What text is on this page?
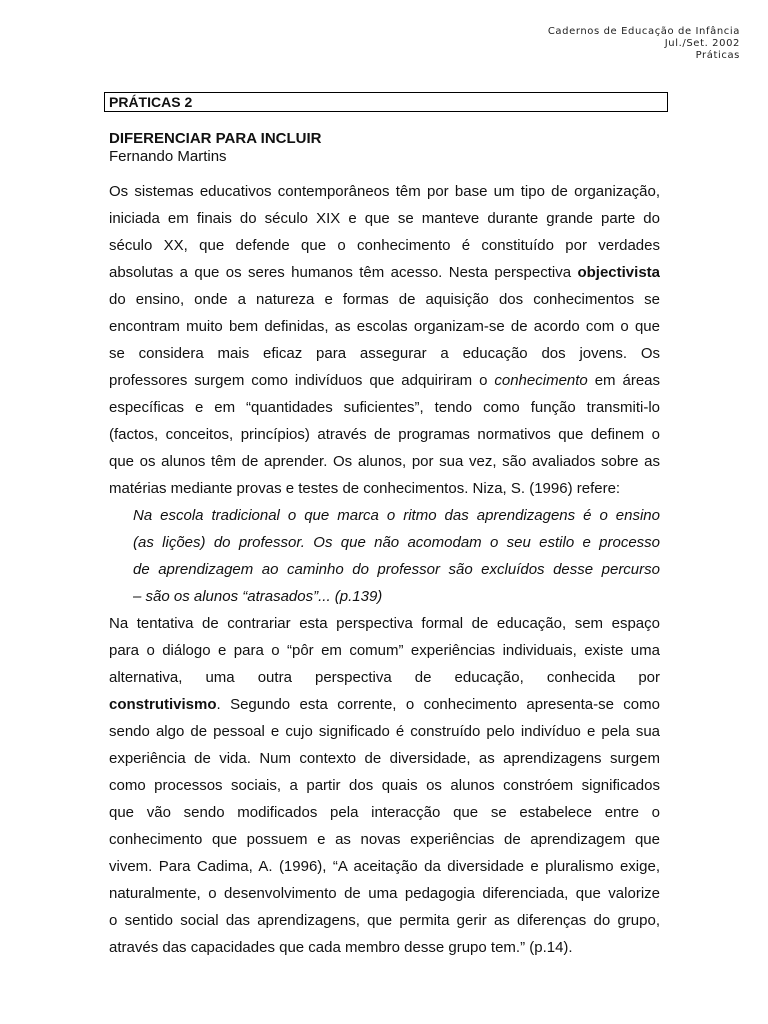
Cadernos de Educação de Infância
Jul./Set. 2002
Práticas
PRÁTICAS 2
DIFERENCIAR PARA INCLUIR
Fernando Martins
Os sistemas educativos contemporâneos têm por base um tipo de organização,
iniciada em finais do século XIX e que se manteve durante grande parte do
século XX, que defende que o conhecimento é constituído por verdades
absolutas a que os seres humanos têm acesso. Nesta perspectiva objectivista
do ensino, onde a natureza e formas de aquisição dos conhecimentos se
encontram muito bem definidas, as escolas organizam-se de acordo com o que
se considera mais eficaz para assegurar a educação dos jovens. Os
professores surgem como indivíduos que adquiriram o conhecimento em áreas
específicas e em “quantidades suficientes”, tendo como função transmiti-lo
(factos, conceitos, princípios) através de programas normativos que definem o
que os alunos têm de aprender. Os alunos, por sua vez, são avaliados sobre as
matérias mediante provas e testes de conhecimentos. Niza, S. (1996) refere:
Na escola tradicional o que marca o ritmo das aprendizagens é o ensino
(as lições) do professor. Os que não acomodam o seu estilo e processo
de aprendizagem ao caminho do professor são excluídos desse percurso
– são os alunos “atrasados”... (p.139)
Na tentativa de contrariar esta perspectiva formal de educação, sem espaço
para o diálogo e para o “pôr em comum” experiências individuais, existe uma
alternativa, uma outra perspectiva de educação, conhecida por
construtivismo. Segundo esta corrente, o conhecimento apresenta-se como
sendo algo de pessoal e cujo significado é construído pelo indivíduo e pela sua
experiência de vida. Num contexto de diversidade, as aprendizagens surgem
como processos sociais, a partir dos quais os alunos constróem significados
que vão sendo modificados pela interacção que se estabelece entre o
conhecimento que possuem e as novas experiências de aprendizagem que
vivem. Para Cadima, A. (1996), “A aceitação da diversidade e pluralismo exige,
naturalmente, o desenvolvimento de uma pedagogia diferenciada, que valorize
o sentido social das aprendizagens, que permita gerir as diferenças do grupo,
através das capacidades que cada membro desse grupo tem.” (p.14).
